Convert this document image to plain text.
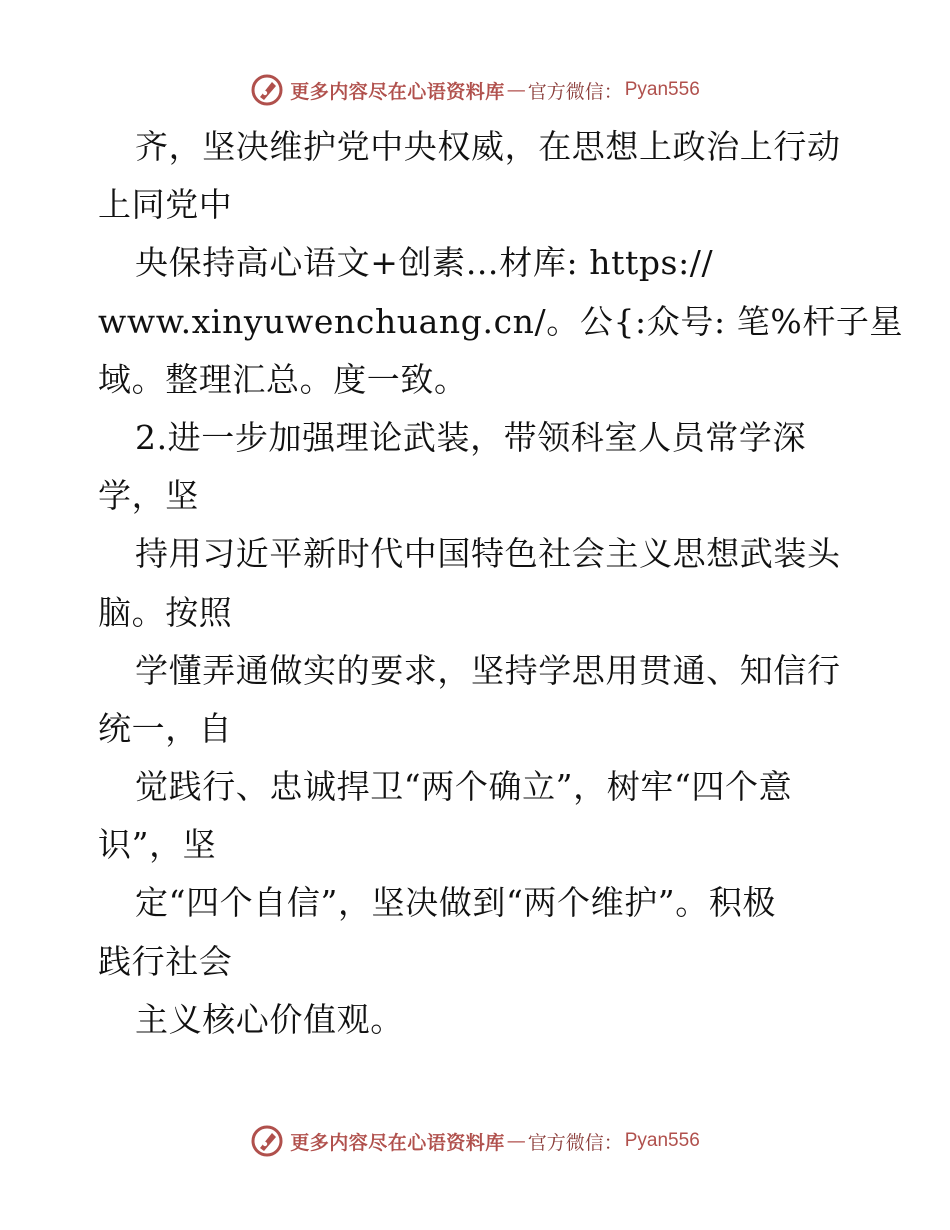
更多内容尽在心语资料库 — 官方微信： Pyan556
齐，坚决维护党中央权威，在思想上政治上行动
上同党中
央保持高心语文+创素…材库: https://
www.xinyuwenchuang.cn/。公{:众号: 笔%杆子星
域。整理汇总。度一致。
2.进一步加强理论武装，带领科室人员常学深
学，坚
持用习近平新时代中国特色社会主义思想武装头
脑。按照
学懂弄通做实的要求，坚持学思用贯通、知信行
统一，自
觉践行、忠诚捍卫“两个确立”，树牢“四个意
识”，坚
定“四个自信”，坚决做到“两个维护”。积极
践行社会
主义核心价值观。
更多内容尽在心语资料库 — 官方微信： Pyan556
